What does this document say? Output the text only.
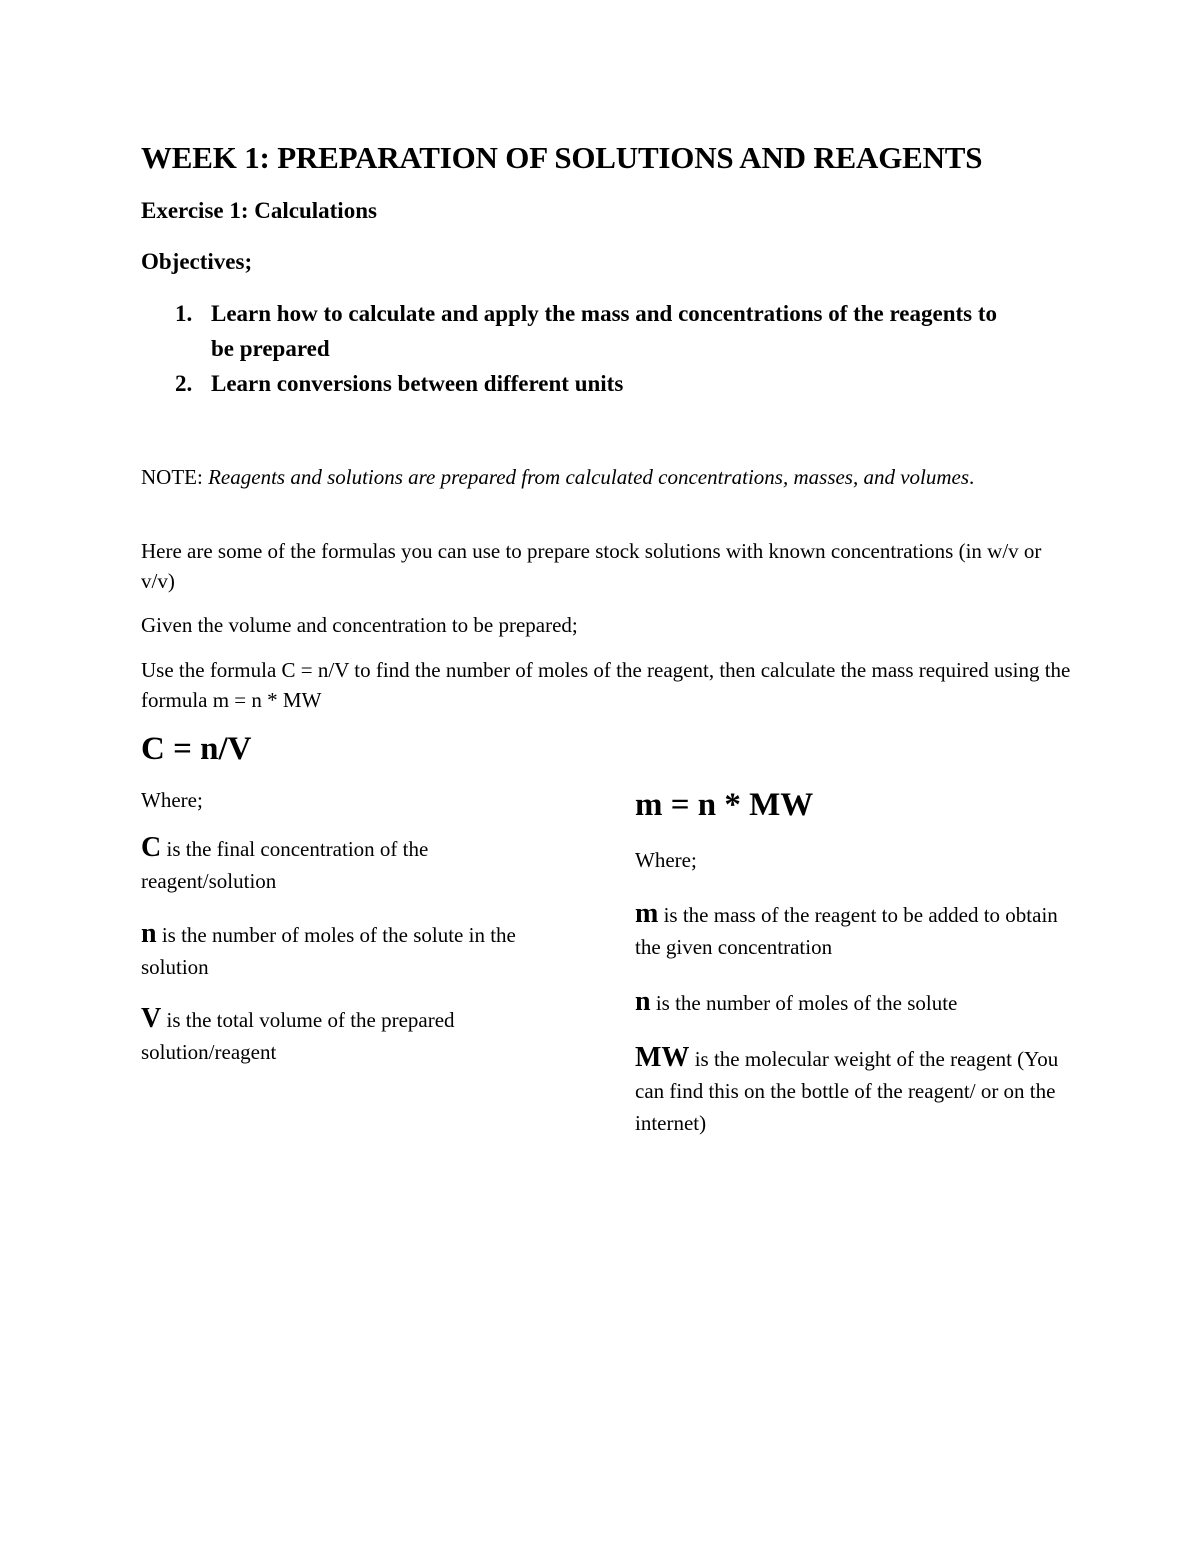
WEEK 1: PREPARATION OF SOLUTIONS AND REAGENTS
Exercise 1: Calculations
Objectives;
1. Learn how to calculate and apply the mass and concentrations of the reagents to be prepared
2. Learn conversions between different units

NOTE: Reagents and solutions are prepared from calculated concentrations, masses, and volumes.

Here are some of the formulas you can use to prepare stock solutions with known concentrations (in w/v or v/v)

Given the volume and concentration to be prepared;

Use the formula C = n/V to find the number of moles of the reagent, then calculate the mass required using the formula m = n * MW

C = n/V

Where;

C is the final concentration of the reagent/solution

n is the number of moles of the solute in the solution

V is the total volume of the prepared solution/reagent

m = n * MW

Where;

m is the mass of the reagent to be added to obtain the given concentration

n is the number of moles of the solute

MW is the molecular weight of the reagent (You can find this on the bottle of the reagent/ or on the internet)
